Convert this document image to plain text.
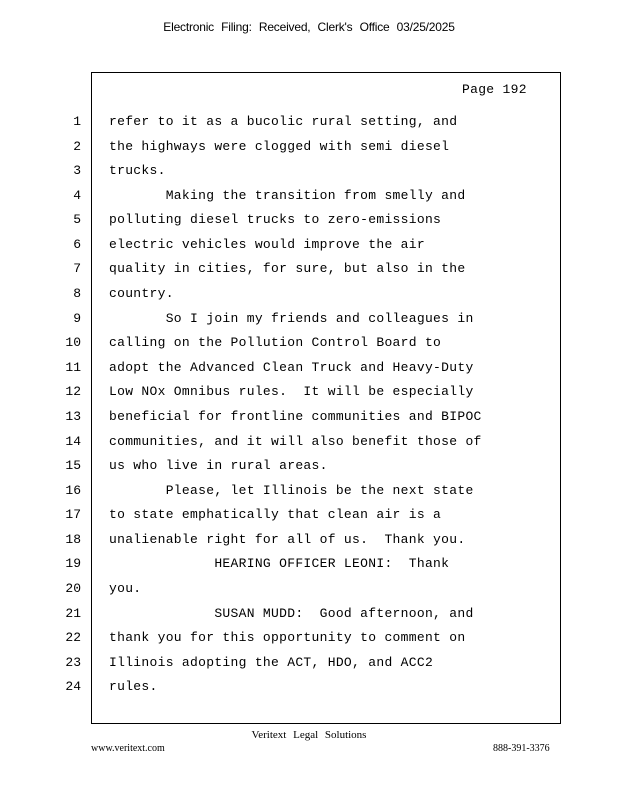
Electronic Filing: Received, Clerk's Office 03/25/2025
Page 192
1 refer to it as a bucolic rural setting, and
2 the highways were clogged with semi diesel
3 trucks.
4 Making the transition from smelly and
5 polluting diesel trucks to zero-emissions
6 electric vehicles would improve the air
7 quality in cities, for sure, but also in the
8 country.
9 So I join my friends and colleagues in
10 calling on the Pollution Control Board to
11 adopt the Advanced Clean Truck and Heavy-Duty
12 Low NOx Omnibus rules.  It will be especially
13 beneficial for frontline communities and BIPOC
14 communities, and it will also benefit those of
15 us who live in rural areas.
16 Please, let Illinois be the next state
17 to state emphatically that clean air is a
18 unalienable right for all of us.  Thank you.
19 HEARING OFFICER LEONI:  Thank
20 you.
21 SUSAN MUDD:  Good afternoon, and
22 thank you for this opportunity to comment on
23 Illinois adopting the ACT, HDO, and ACC2
24 rules.
Veritext Legal Solutions
www.veritext.com	888-391-3376
